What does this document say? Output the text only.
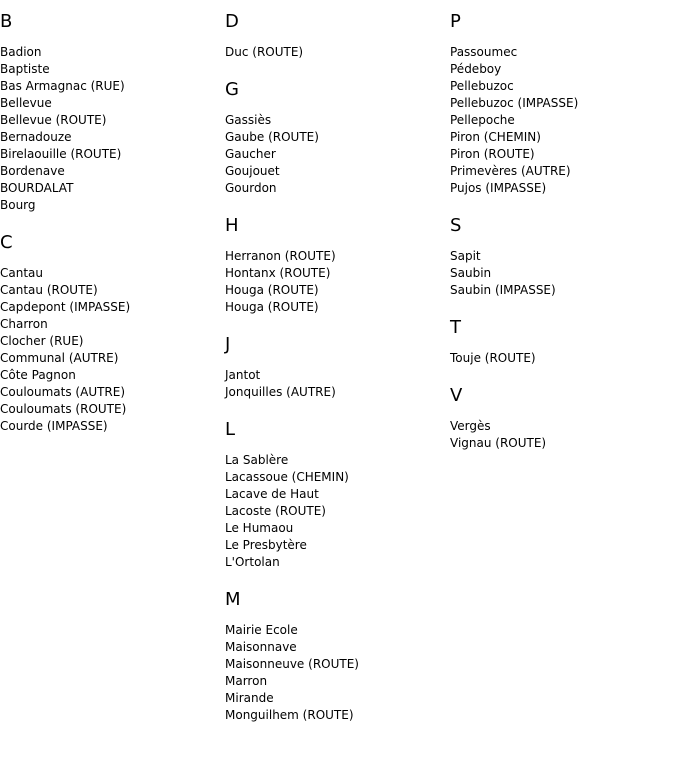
B
Badion
Baptiste
Bas Armagnac (RUE)
Bellevue
Bellevue (ROUTE)
Bernadouze
Birelaouille (ROUTE)
Bordenave
BOURDALAT
Bourg
C
Cantau
Cantau (ROUTE)
Capdepont (IMPASSE)
Charron
Clocher (RUE)
Communal (AUTRE)
Côte Pagnon
Couloumats (AUTRE)
Couloumats (ROUTE)
Courde (IMPASSE)
D
Duc (ROUTE)
G
Gassiès
Gaube (ROUTE)
Gaucher
Goujouet
Gourdon
H
Herranon (ROUTE)
Hontanx (ROUTE)
Houga (ROUTE)
Houga (ROUTE)
J
Jantot
Jonquilles (AUTRE)
L
La Sablère
Lacassoue (CHEMIN)
Lacave de Haut
Lacoste (ROUTE)
Le Humaou
Le Presbytère
L'Ortolan
M
Mairie Ecole
Maisonnave
Maisonneuve (ROUTE)
Marron
Mirande
Monguilhem (ROUTE)
P
Passoumec
Pédeboy
Pellebuzoc
Pellebuzoc (IMPASSE)
Pellepoche
Piron (CHEMIN)
Piron (ROUTE)
Primevères (AUTRE)
Pujos (IMPASSE)
S
Sapit
Saubin
Saubin (IMPASSE)
T
Touje (ROUTE)
V
Vergès
Vignau (ROUTE)
